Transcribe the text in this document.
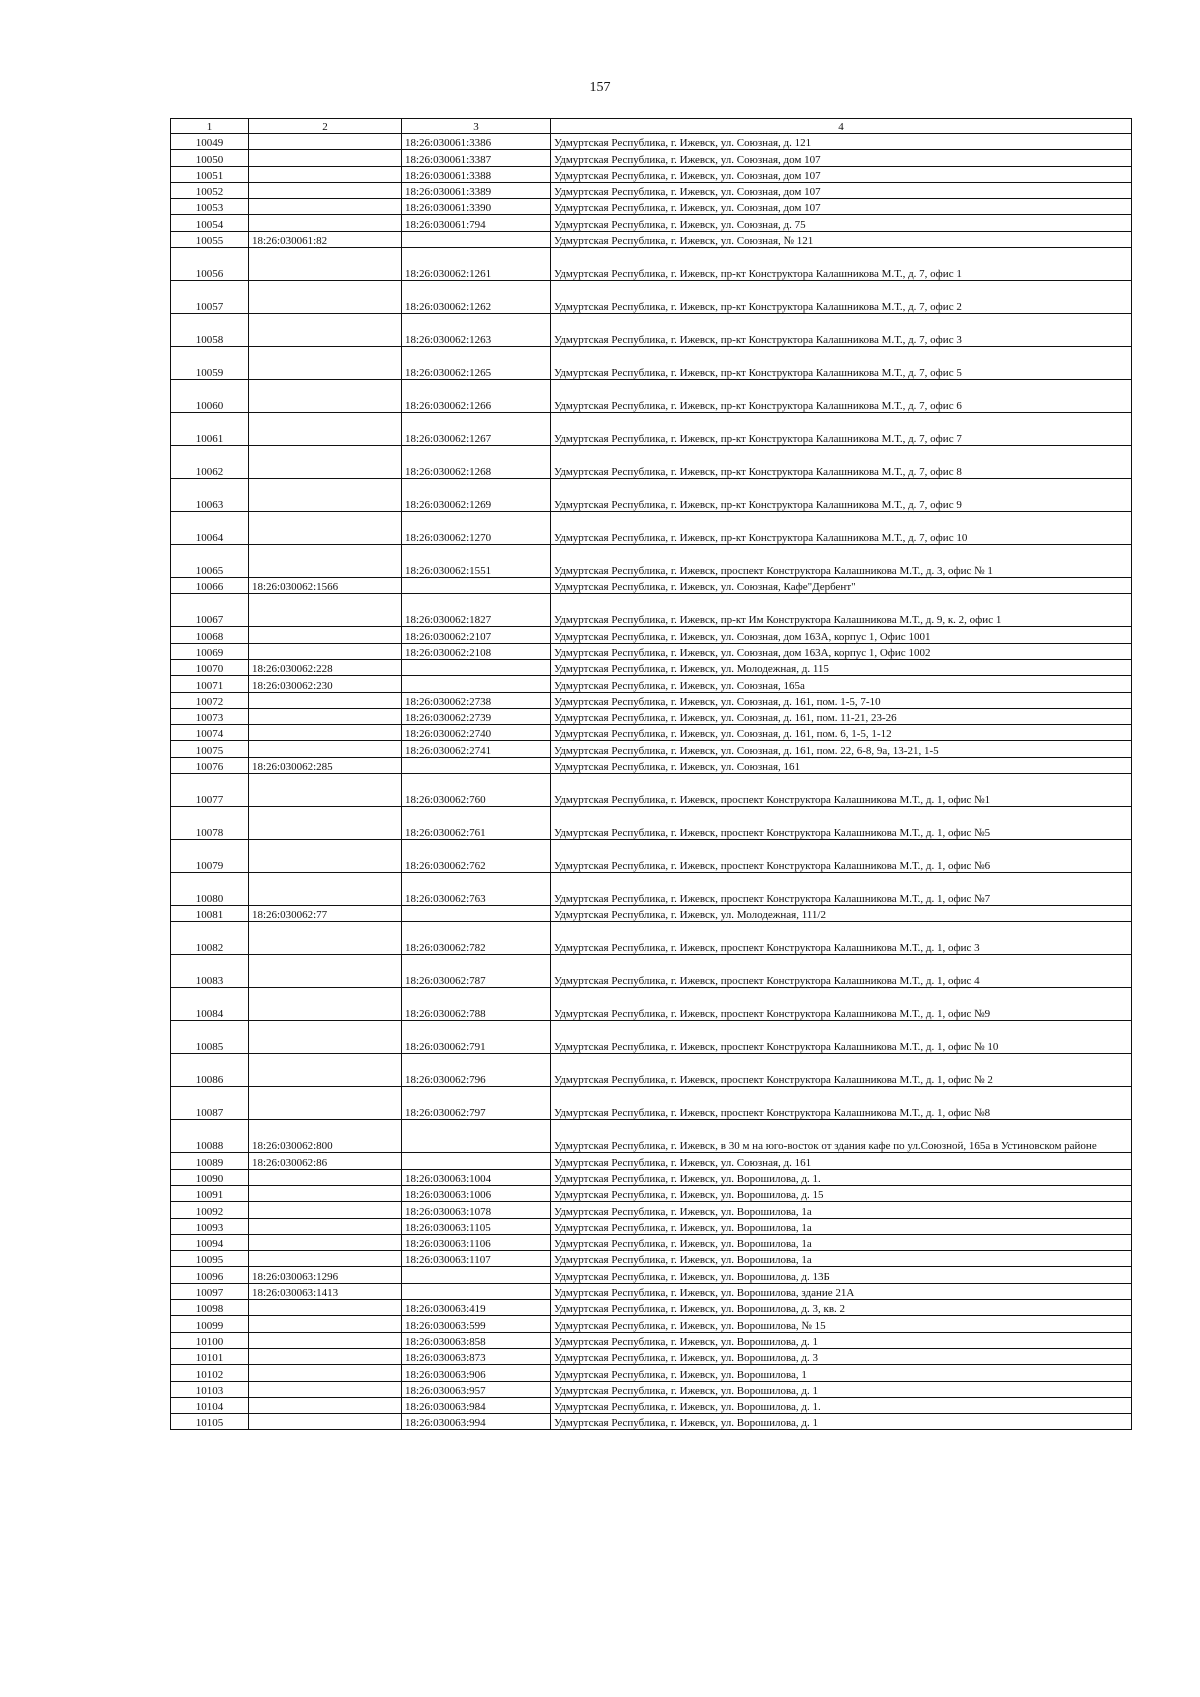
157
1	2	3	4
10049		18:26:030061:3386	Удмуртская Республика, г. Ижевск, ул. Союзная, д. 121
10050		18:26:030061:3387	Удмуртская Республика, г. Ижевск, ул. Союзная, дом 107
10051		18:26:030061:3388	Удмуртская Республика, г. Ижевск, ул. Союзная, дом 107
10052		18:26:030061:3389	Удмуртская Республика, г. Ижевск, ул. Союзная, дом 107
10053		18:26:030061:3390	Удмуртская Республика, г. Ижевск, ул. Союзная, дом 107
10054		18:26:030061:794	Удмуртская Республика, г. Ижевск, ул. Союзная, д. 75
10055	18:26:030061:82		Удмуртская Республика, г. Ижевск, ул. Союзная, № 121
10056		18:26:030062:1261	Удмуртская Республика, г. Ижевск, пр-кт Конструктора Калашникова М.Т., д. 7, офис 1
10057		18:26:030062:1262	Удмуртская Республика, г. Ижевск, пр-кт Конструктора Калашникова М.Т., д. 7, офис 2
10058		18:26:030062:1263	Удмуртская Республика, г. Ижевск, пр-кт Конструктора Калашникова М.Т., д. 7, офис 3
10059		18:26:030062:1265	Удмуртская Республика, г. Ижевск, пр-кт Конструктора Калашникова М.Т., д. 7, офис 5
10060		18:26:030062:1266	Удмуртская Республика, г. Ижевск, пр-кт Конструктора Калашникова М.Т., д. 7, офис 6
10061		18:26:030062:1267	Удмуртская Республика, г. Ижевск, пр-кт Конструктора Калашникова М.Т., д. 7, офис 7
10062		18:26:030062:1268	Удмуртская Республика, г. Ижевск, пр-кт Конструктора Калашникова М.Т., д. 7, офис 8
10063		18:26:030062:1269	Удмуртская Республика, г. Ижевск, пр-кт Конструктора Калашникова М.Т., д. 7, офис 9
10064		18:26:030062:1270	Удмуртская Республика, г. Ижевск, пр-кт Конструктора Калашникова М.Т., д. 7, офис 10
10065		18:26:030062:1551	Удмуртская Республика, г. Ижевск, проспект Конструктора Калашникова М.Т., д. 3, офис № 1
10066	18:26:030062:1566		Удмуртская Республика, г. Ижевск, ул. Союзная, Кафе"Дербент"
10067		18:26:030062:1827	Удмуртская Республика, г. Ижевск, пр-кт Им Конструктора Калашникова М.Т., д. 9, к. 2, офис 1
10068		18:26:030062:2107	Удмуртская Республика, г. Ижевск, ул. Союзная, дом 163А, корпус 1, Офис 1001
10069		18:26:030062:2108	Удмуртская Республика, г. Ижевск, ул. Союзная, дом 163А, корпус 1, Офис 1002
10070	18:26:030062:228		Удмуртская Республика, г. Ижевск, ул. Молодежная, д. 115
10071	18:26:030062:230		Удмуртская Республика, г. Ижевск, ул. Союзная, 165а
10072		18:26:030062:2738	Удмуртская Республика, г. Ижевск, ул. Союзная, д. 161, пом. 1-5, 7-10
10073		18:26:030062:2739	Удмуртская Республика, г. Ижевск, ул. Союзная, д. 161, пом. 11-21, 23-26
10074		18:26:030062:2740	Удмуртская Республика, г. Ижевск, ул. Союзная, д. 161, пом. 6, 1-5, 1-12
10075		18:26:030062:2741	Удмуртская Республика, г. Ижевск, ул. Союзная, д. 161, пом. 22, 6-8, 9а, 13-21, 1-5
10076	18:26:030062:285		Удмуртская Республика, г. Ижевск, ул. Союзная, 161
10077		18:26:030062:760	Удмуртская Республика, г. Ижевск, проспект Конструктора Калашникова М.Т., д. 1, офис №1
10078		18:26:030062:761	Удмуртская Республика, г. Ижевск, проспект Конструктора Калашникова М.Т., д. 1, офис №5
10079		18:26:030062:762	Удмуртская Республика, г. Ижевск, проспект Конструктора Калашникова М.Т., д. 1, офис №6
10080		18:26:030062:763	Удмуртская Республика, г. Ижевск, проспект Конструктора Калашникова М.Т., д. 1, офис №7
10081	18:26:030062:77		Удмуртская Республика, г. Ижевск, ул. Молодежная, 111/2
10082		18:26:030062:782	Удмуртская Республика, г. Ижевск, проспект Конструктора Калашникова М.Т., д. 1, офис 3
10083		18:26:030062:787	Удмуртская Республика, г. Ижевск, проспект Конструктора Калашникова М.Т., д. 1, офис 4
10084		18:26:030062:788	Удмуртская Республика, г. Ижевск, проспект Конструктора Калашникова М.Т., д. 1, офис №9
10085		18:26:030062:791	Удмуртская Республика, г. Ижевск, проспект Конструктора Калашникова М.Т., д. 1, офис № 10
10086		18:26:030062:796	Удмуртская Республика, г. Ижевск, проспект Конструктора Калашникова М.Т., д. 1, офис № 2
10087		18:26:030062:797	Удмуртская Республика, г. Ижевск, проспект Конструктора Калашникова М.Т., д. 1, офис №8
10088	18:26:030062:800		Удмуртская Республика, г. Ижевск, в 30 м на юго-восток от здания кафе по ул.Союзной, 165а в Устиновском районе
10089	18:26:030062:86		Удмуртская Республика, г. Ижевск, ул. Союзная, д. 161
10090		18:26:030063:1004	Удмуртская Республика, г. Ижевск, ул. Ворошилова, д. 1.
10091		18:26:030063:1006	Удмуртская Республика, г. Ижевск, ул. Ворошилова, д. 15
10092		18:26:030063:1078	Удмуртская Республика, г. Ижевск, ул. Ворошилова, 1а
10093		18:26:030063:1105	Удмуртская Республика, г. Ижевск, ул. Ворошилова, 1а
10094		18:26:030063:1106	Удмуртская Республика, г. Ижевск, ул. Ворошилова, 1а
10095		18:26:030063:1107	Удмуртская Республика, г. Ижевск, ул. Ворошилова, 1а
10096	18:26:030063:1296		Удмуртская Республика, г. Ижевск, ул. Ворошилова, д. 13Б
10097	18:26:030063:1413		Удмуртская Республика, г. Ижевск, ул. Ворошилова, здание 21А
10098		18:26:030063:419	Удмуртская Республика, г. Ижевск, ул. Ворошилова, д. 3, кв. 2
10099		18:26:030063:599	Удмуртская Республика, г. Ижевск, ул. Ворошилова, № 15
10100		18:26:030063:858	Удмуртская Республика, г. Ижевск, ул. Ворошилова, д. 1
10101		18:26:030063:873	Удмуртская Республика, г. Ижевск, ул. Ворошилова, д. 3
10102		18:26:030063:906	Удмуртская Республика, г. Ижевск, ул. Ворошилова, 1
10103		18:26:030063:957	Удмуртская Республика, г. Ижевск, ул. Ворошилова, д. 1
10104		18:26:030063:984	Удмуртская Республика, г. Ижевск, ул. Ворошилова, д. 1.
10105		18:26:030063:994	Удмуртская Республика, г. Ижевск, ул. Ворошилова, д. 1
